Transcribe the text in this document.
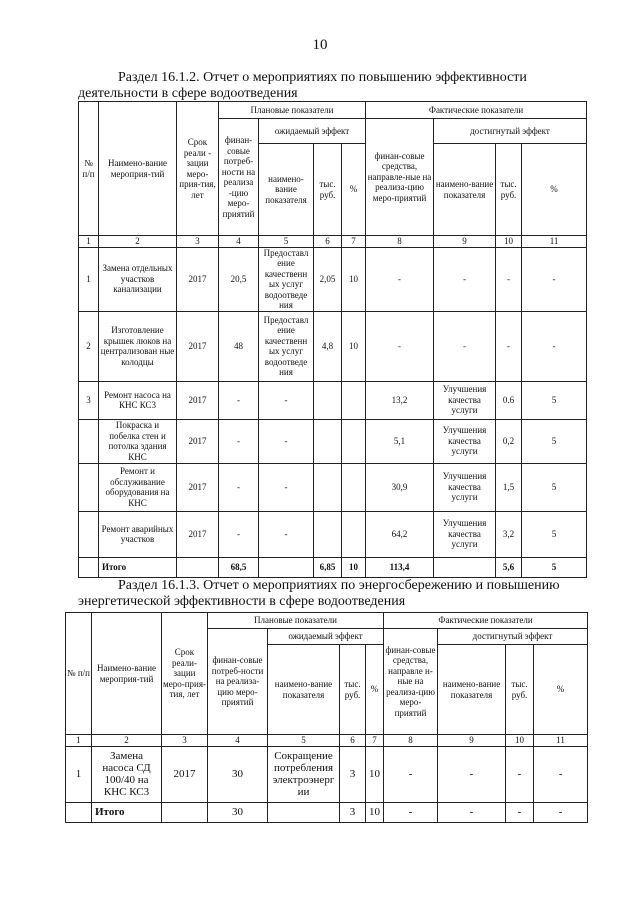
10
Раздел 16.1.2. Отчет о мероприятиях по повышению эффективности
деятельности в сфере водоотведения
№ п/п	Наимено-вание мероприя-тий	Срок реали - зации меро-прия-тия, лет	Плановые показатели				Фактические показатели			
			финан-совые потреб-ности на реализа -цию меро-приятий	ожидаемый эффект			финан-совые средства, направле-ные на реализа-цию меро-приятий	достигнутый эффект		
				наимено-вание показателя	тыс. руб.	%		наимено-вание показателя	тыс. руб.	%
1	2	3	4	5	6	7	8	9	10	11
1	Замена отдельных участков канализации	2017	20,5	Предоставл ение качественн ых услуг водоотведе ния	2,05	10	-	-	-	-
2	Изготовление крышек люков на централизован ные колодцы	2017	48	Предоставл ение качественн ых услуг водоотведе ния	4,8	10	-	-	-	-
3	Ремонт насоса на КНС КС3	2017	-	-			13,2	Улучшения качества услуги	0.6	5
	Покраска и побелка стен и потолка здания КНС	2017	-	-			5,1	Улучшения качества услуги	0,2	5
	Ремонт и обслуживание оборудования на КНС	2017	-	-			30,9	Улучшения качества услуги	1,5	5
	Ремонт аварийных участков	2017	-	-			64,2	Улучшения качества услуги	3,2	5
	Итого		68,5		6,85	10	113,4		5,6	5
Раздел 16.1.3. Отчет о мероприятиях по энергосбережению и повышению
энергетической эффективности в сфере водоотведения
№ п/п	Наимено-вание мероприя-тий	Срок реали-зации меро-прия-тия, лет	Плановые показатели				Фактические показатели			
			финан-совые потреб-ности на реализа-цию меро-приятий	ожидаемый эффект			финан-совые средства, направле н-ные на реализа-цию меро-приятий	достигнутый эффект		
				наимено-вание показателя	тыс. руб.	%		наимено-вание показателя	тыс. руб.	%
1	2	3	4	5	6	7	8	9	10	11
1	Замена насоса СД 100/40 на КНС КС3	2017	30	Сокращение потребления электроэнерг ии	3	10	-	-	-	-
	Итого		30		3	10	-	-	-	-
